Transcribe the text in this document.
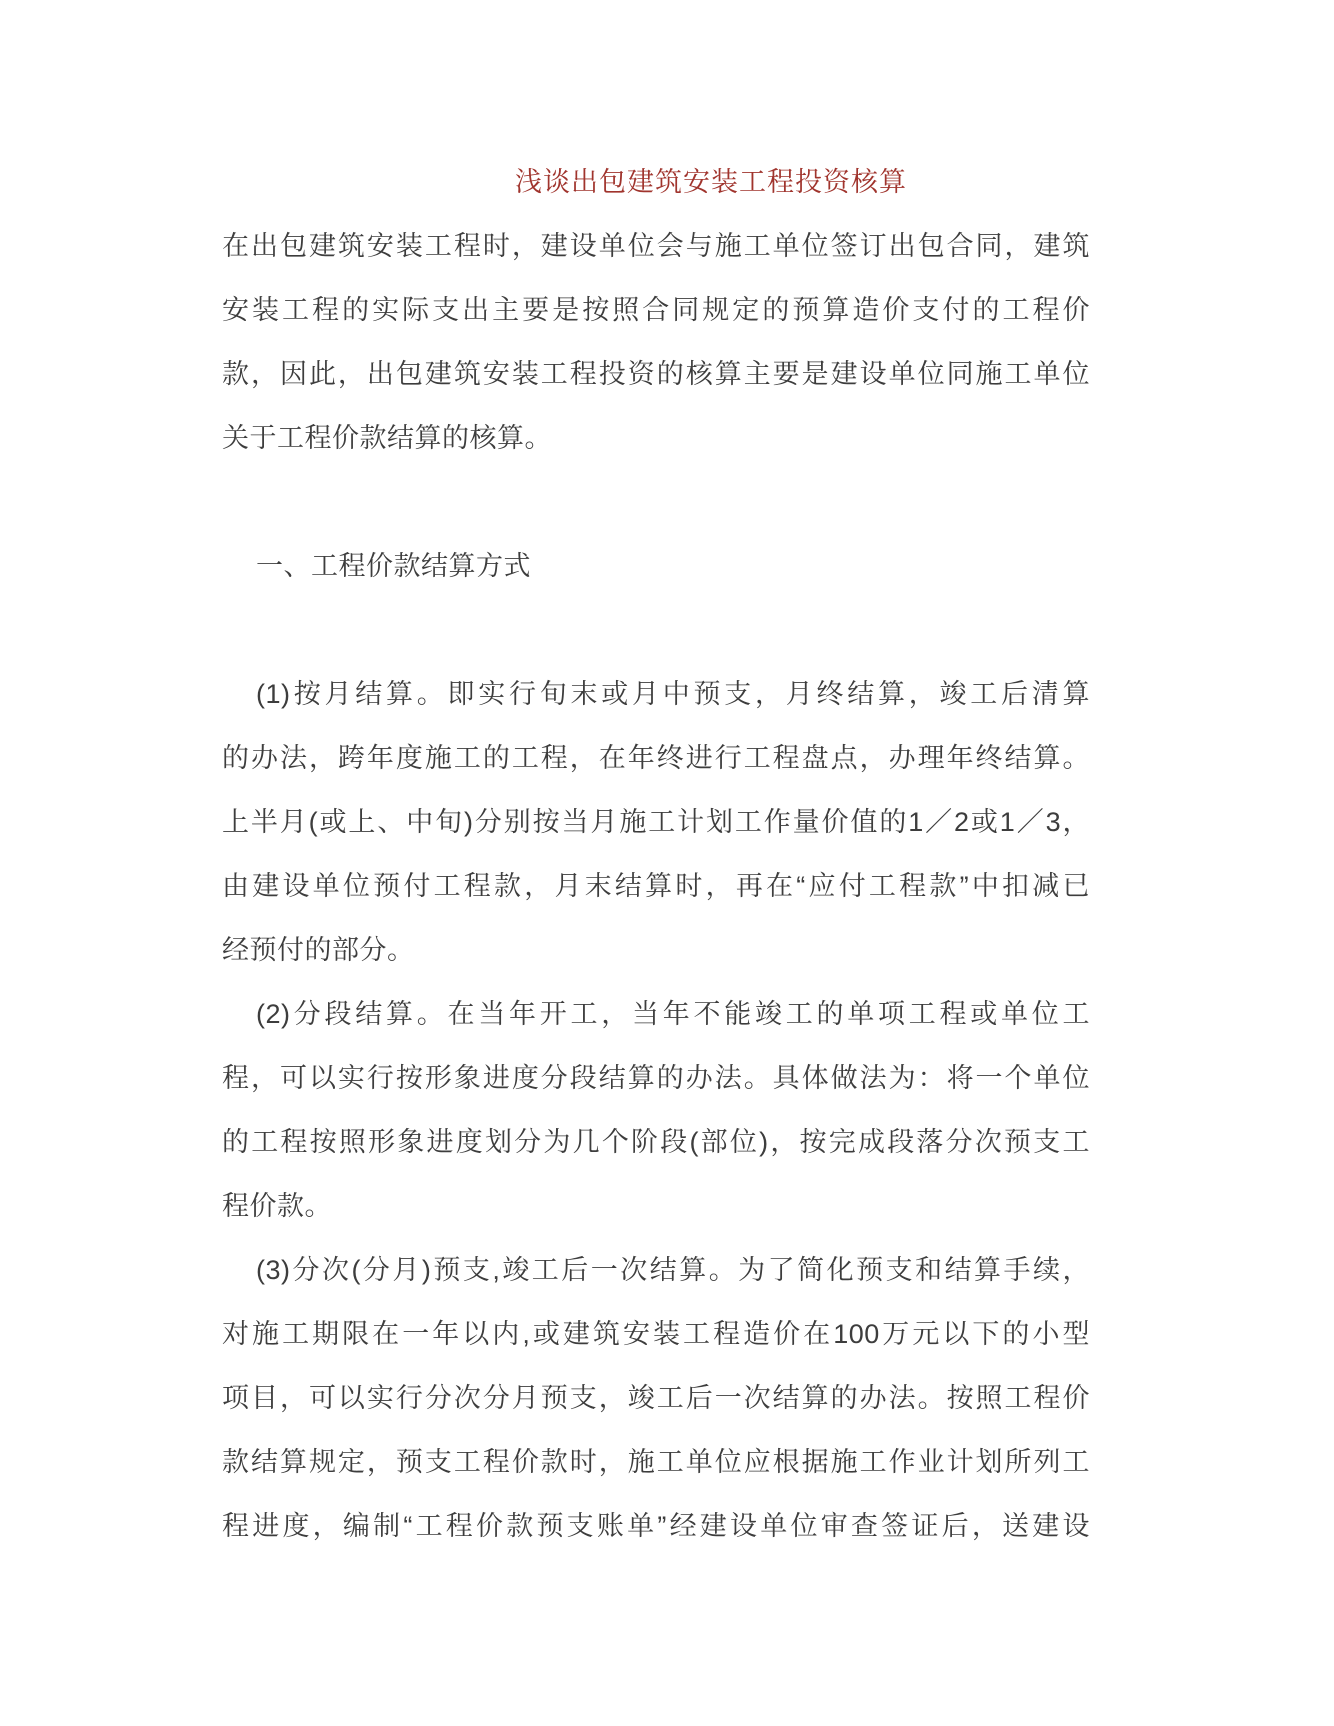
浅谈出包建筑安装工程投资核算
在出包建筑安装工程时，建设单位会与施工单位签订出包合同，建筑
安装工程的实际支出主要是按照合同规定的预算造价支付的工程价
款，因此，出包建筑安装工程投资的核算主要是建设单位同施工单位
关于工程价款结算的核算。
一、工程价款结算方式
(1)按月结算。即实行旬末或月中预支，月终结算，竣工后清算
的办法，跨年度施工的工程，在年终进行工程盘点，办理年终结算。
上半月(或上、中旬)分别按当月施工计划工作量价值的1／2或1／3，
由建设单位预付工程款，月末结算时，再在“应付工程款”中扣减已
经预付的部分。
(2)分段结算。在当年开工，当年不能竣工的单项工程或单位工
程，可以实行按形象进度分段结算的办法。具体做法为：将一个单位
的工程按照形象进度划分为几个阶段(部位)，按完成段落分次预支工
程价款。
(3)分次(分月)预支,竣工后一次结算。为了简化预支和结算手续，
对施工期限在一年以内,或建筑安装工程造价在100万元以下的小型
项目，可以实行分次分月预支，竣工后一次结算的办法。按照工程价
款结算规定，预支工程价款时，施工单位应根据施工作业计划所列工
程进度，编制“工程价款预支账单”经建设单位审查签证后，送建设
